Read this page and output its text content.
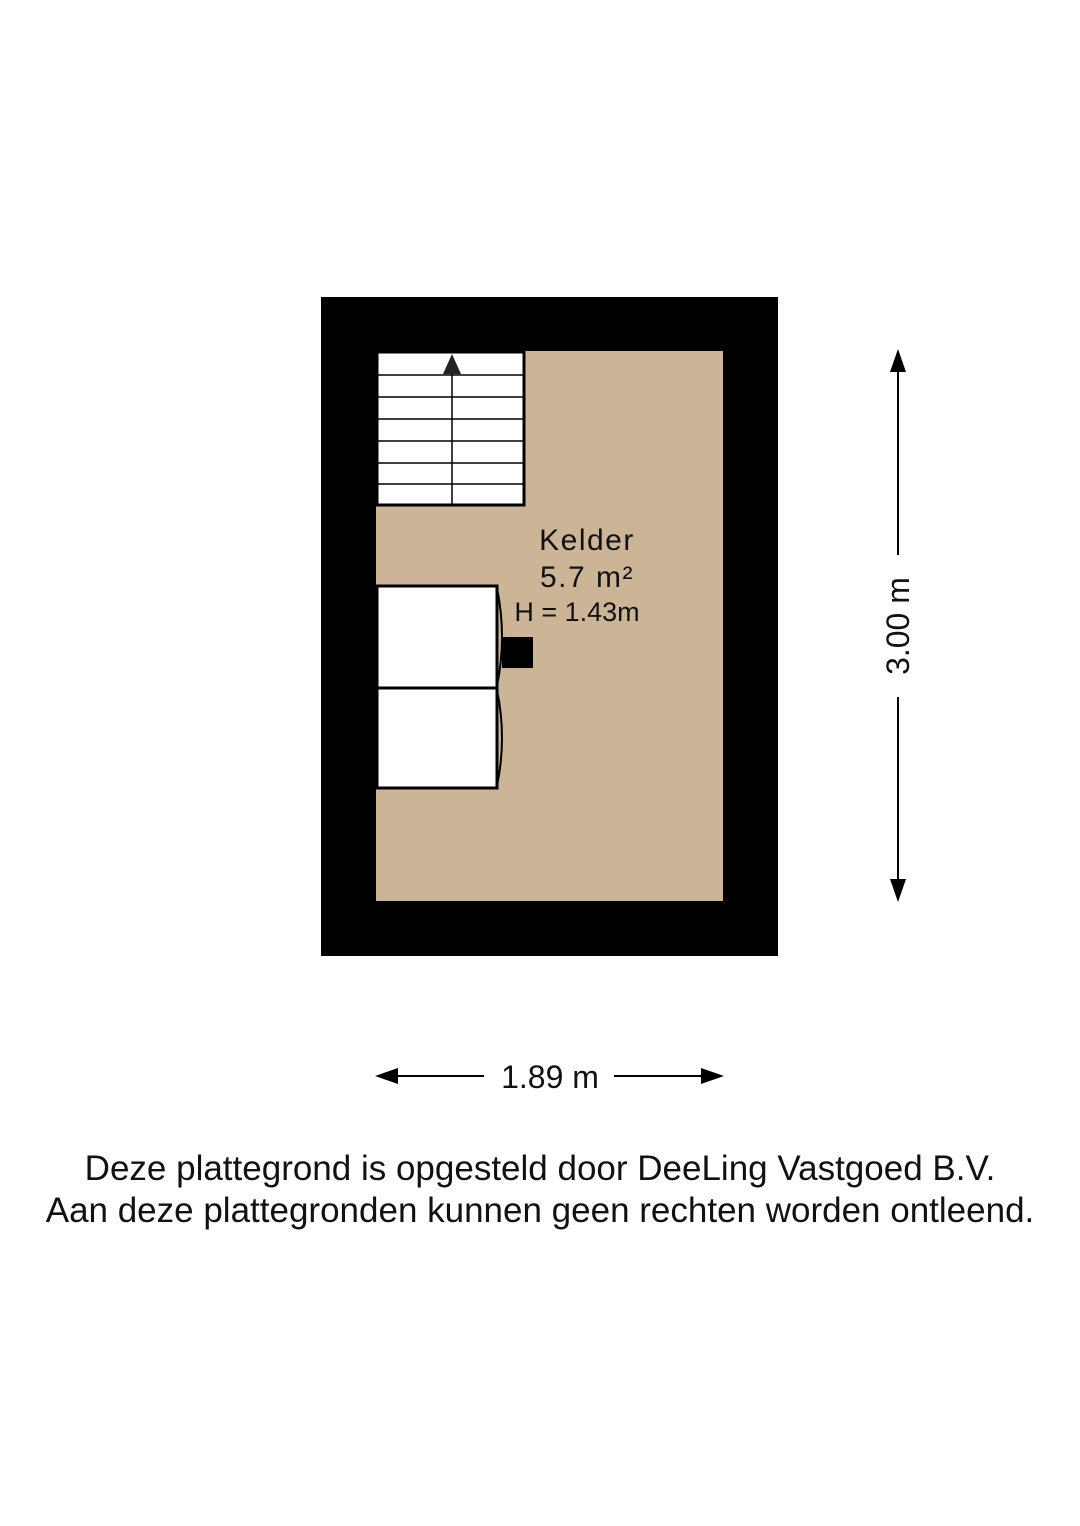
Kelder
5.7 m²
H = 1.43m	3.00 m
1.89 m
Deze plattegrond is opgesteld door DeeLing Vastgoed B.V.
Aan deze plattegronden kunnen geen rechten worden ontleend.
